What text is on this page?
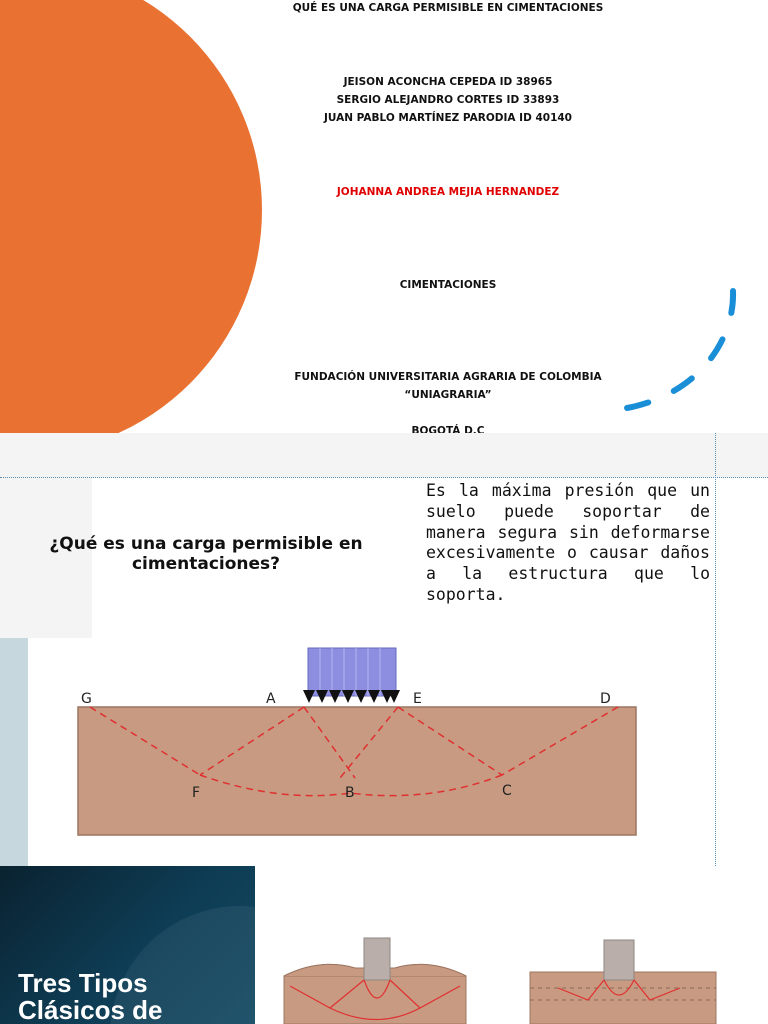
QUÉ ES UNA CARGA PERMISIBLE EN CIMENTACIONES
JEISON ACONCHA CEPEDA ID 38965
SERGIO ALEJANDRO CORTES ID 33893
JUAN PABLO MARTÍNEZ PARODIA ID 40140
JOHANNA ANDREA MEJIA HERNANDEZ
CIMENTACIONES
FUNDACIÓN UNIVERSITARIA AGRARIA DE COLOMBIA
“UNIAGRARIA”
BOGOTÁ D.C
¿Qué es una carga permisible en cimentaciones?
Es la máxima presión que un suelo puede soportar de manera segura sin deformarse excesivamente o causar daños a la estructura que lo soporta.
G	A	E	D
F	B	C
Tres Tipos
Clásicos de
